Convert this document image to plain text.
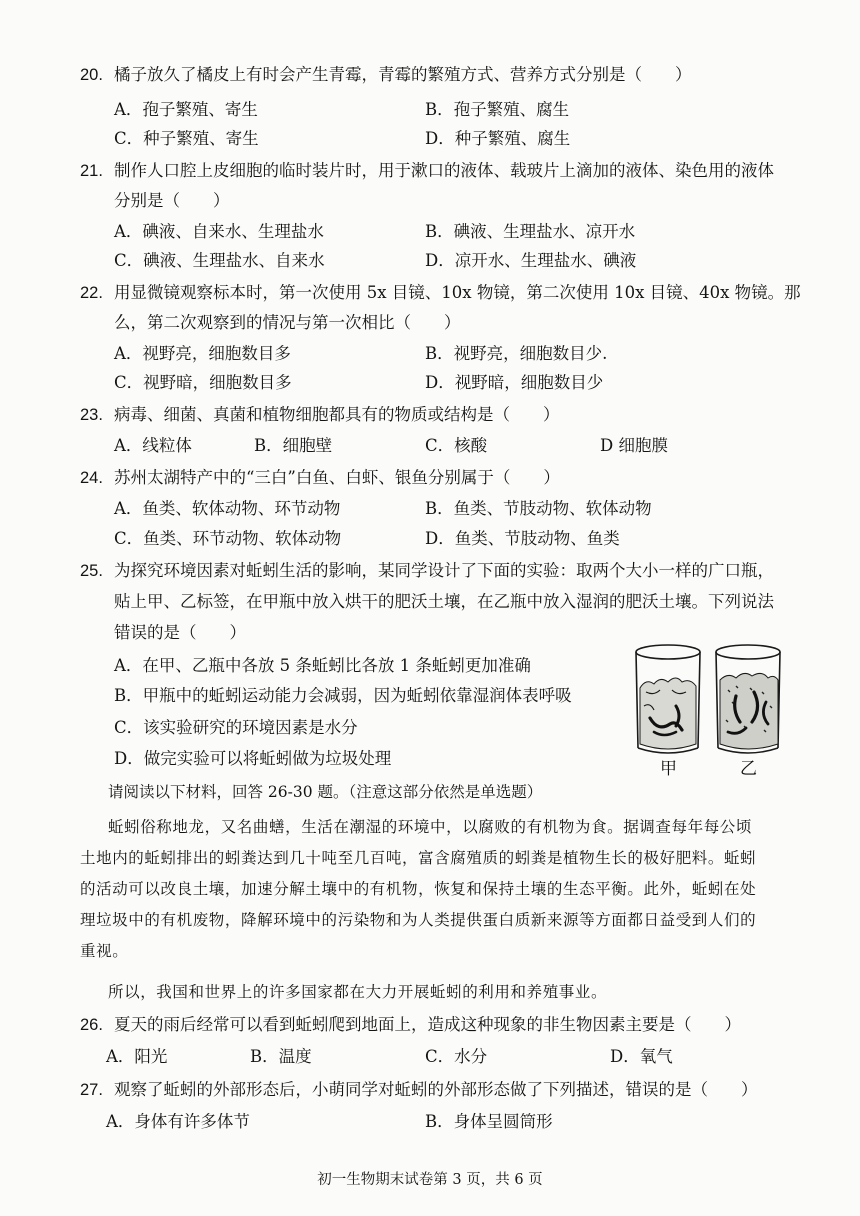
20. 橘子放久了橘皮上有时会产生青霉，青霉的繁殖方式、营养方式分别是（　　）
A．孢子繁殖、寄生	B．孢子繁殖、腐生
C．种子繁殖、寄生	D．种子繁殖、腐生
21. 制作人口腔上皮细胞的临时装片时，用于漱口的液体、载玻片上滴加的液体、染色用的液体
分别是（　　）
A．碘液、自来水、生理盐水	B．碘液、生理盐水、凉开水
C．碘液、生理盐水、自来水	D．凉开水、生理盐水、碘液
22. 用显微镜观察标本时，第一次使用 5x 目镜、10x 物镜，第二次使用 10x 目镜、40x 物镜。那
么，第二次观察到的情况与第一次相比（　　）
A．视野亮，细胞数目多	B．视野亮，细胞数目少.
C．视野暗，细胞数目多	D．视野暗，细胞数目少
23. 病毒、细菌、真菌和植物细胞都具有的物质或结构是（　　）
A．线粒体	B．细胞壁	C．核酸	D 细胞膜
24. 苏州太湖特产中的“三白”白鱼、白虾、银鱼分别属于（　　）
A．鱼类、软体动物、环节动物	B．鱼类、节肢动物、软体动物
C．鱼类、环节动物、软体动物	D．鱼类、节肢动物、鱼类
25. 为探究环境因素对蚯蚓生活的影响，某同学设计了下面的实验：取两个大小一样的广口瓶，
贴上甲、乙标签，在甲瓶中放入烘干的肥沃土壤，在乙瓶中放入湿润的肥沃土壤。下列说法
错误的是（　　）
A．在甲、乙瓶中各放 5 条蚯蚓比各放 1 条蚯蚓更加准确
B．甲瓶中的蚯蚓运动能力会减弱，因为蚯蚓依靠湿润体表呼吸
C．该实验研究的环境因素是水分
D．做完实验可以将蚯蚓做为垃圾处理
甲	乙
请阅读以下材料，回答 26-30 题。（注意这部分依然是单选题）
蚯蚓俗称地龙，又名曲蟮，生活在潮湿的环境中，以腐败的有机物为食。据调查每年每公顷
土地内的蚯蚓排出的蚓粪达到几十吨至几百吨，富含腐殖质的蚓粪是植物生长的极好肥料。蚯蚓
的活动可以改良土壤，加速分解土壤中的有机物，恢复和保持土壤的生态平衡。此外，蚯蚓在处
理垃圾中的有机废物，降解环境中的污染物和为人类提供蛋白质新来源等方面都日益受到人们的
重视。
所以，我国和世界上的许多国家都在大力开展蚯蚓的利用和养殖事业。
26. 夏天的雨后经常可以看到蚯蚓爬到地面上，造成这种现象的非生物因素主要是（　　）
A．阳光	B．温度	C．水分	D．氧气
27. 观察了蚯蚓的外部形态后，小萌同学对蚯蚓的外部形态做了下列描述，错误的是（　　）
A．身体有许多体节	B．身体呈圆筒形
初一生物期末试卷第 3 页，共 6 页
